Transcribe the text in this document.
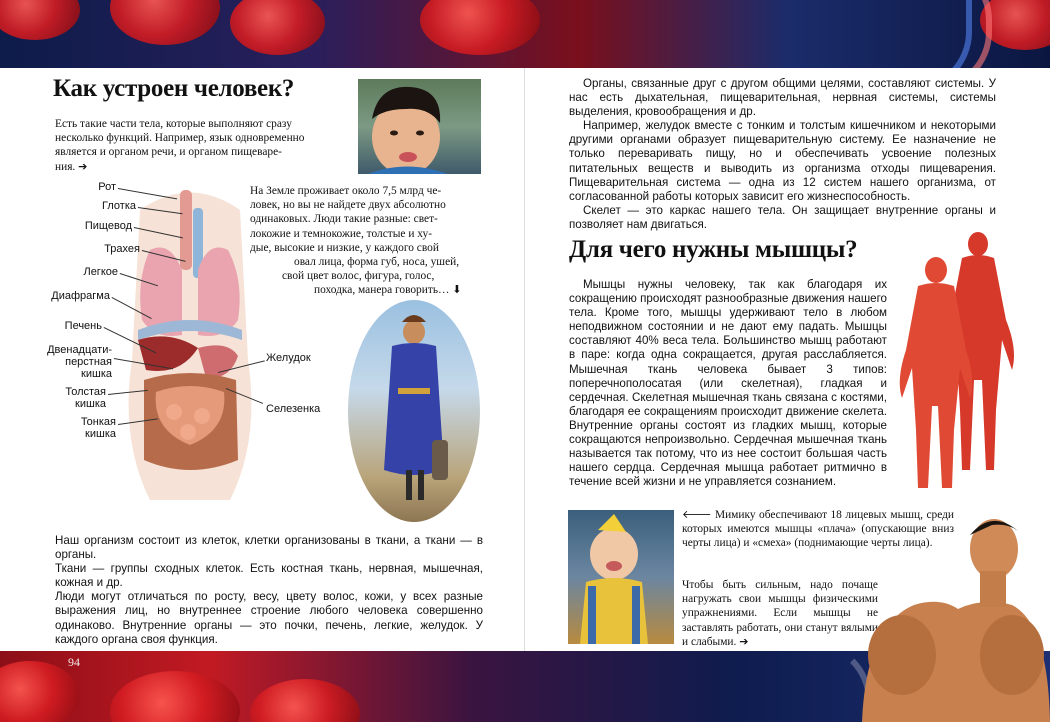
Как устроен человек?

Есть такие части тела, которые выполняют сразу

несколько функций. Например, язык одновременно

является и органом речи, и органом пищеваре-

ния. ➔

Рот
Глотка
Пищевод
Трахея
Легкое
Диафрагма
Печень
Двенадцати-
перстная
кишка
Толстая
кишка
Тонкая
кишка
Желудок
Селезенка

На Земле проживает около 7,5 млрд че-

ловек, но вы не найдете двух абсолютно

одинаковых. Люди такие разные: свет-

локожие и темнокожие, толстые и ху-

дые, высокие и низкие, у каждого свой

овал лица, форма губ, носа, ушей,

свой цвет волос, фигура, голос,

походка, манера говорить… ⬇

Наш организм состоит из клеток, клетки организованы в ткани, а ткани — в органы.

Ткани — группы сходных клеток. Есть костная ткань, нервная, мышечная, кожная и др.

Люди могут отличаться по росту, весу, цвету волос, кожи, у всех разные выражения лиц, но внутреннее строение любого человека совершенно одинаково. Внутренние органы — это почки, печень, легкие, желудок. У каждого органа своя функция.

Органы, связанные друг с другом общими целями, составляют системы. У нас есть дыхательная, пищеварительная, нервная системы, системы выделения, кровообращения и др.

Например, желудок вместе с тонким и толстым кишечником и некоторыми другими органами образует пищеварительную систему. Ее назначение не только переваривать пищу, но и обеспечивать усвоение полезных питательных веществ и выводить из организма отходы пищеварения. Пищеварительная система — одна из 12 систем нашего организма, от согласованной работы которых зависит его жизнеспособность.

Скелет — это каркас нашего тела. Он защищает внутренние органы и позволяет нам двигаться.

Для чего нужны мышцы?

Мышцы нужны человеку, так как благодаря их сокращению происходят разнообразные движения нашего тела. Кроме того, мышцы удерживают тело в любом неподвижном состоянии и не дают ему падать. Мышцы составляют 40% веса тела. Большинство мышц работают в паре: когда одна сокращается, другая расслабляется. Мышечная ткань человека бывает 3 типов: поперечнополосатая (или скелетная), гладкая и сердечная. Скелетная мышечная ткань связана с костями, благодаря ее сокращениям происходит движение скелета. Внутренние органы состоят из гладких мышц, которые сокращаются непроизвольно. Сердечная мышечная ткань называется так потому, что из нее состоит большая часть нашего сердца. Сердечная мышца работает ритмично в течение всей жизни и не управляется сознанием.

🡐 Мимику обеспечивают 18 лицевых мышц, среди которых имеются мышцы «плача» (опускающие вниз черты лица) и «смеха» (поднимающие черты лица).

Чтобы быть сильным, надо почаще нагружать свои мышцы физическими упражнениями. Если мышцы не заставлять работать, они станут вялыми и слабыми. ➔

94
